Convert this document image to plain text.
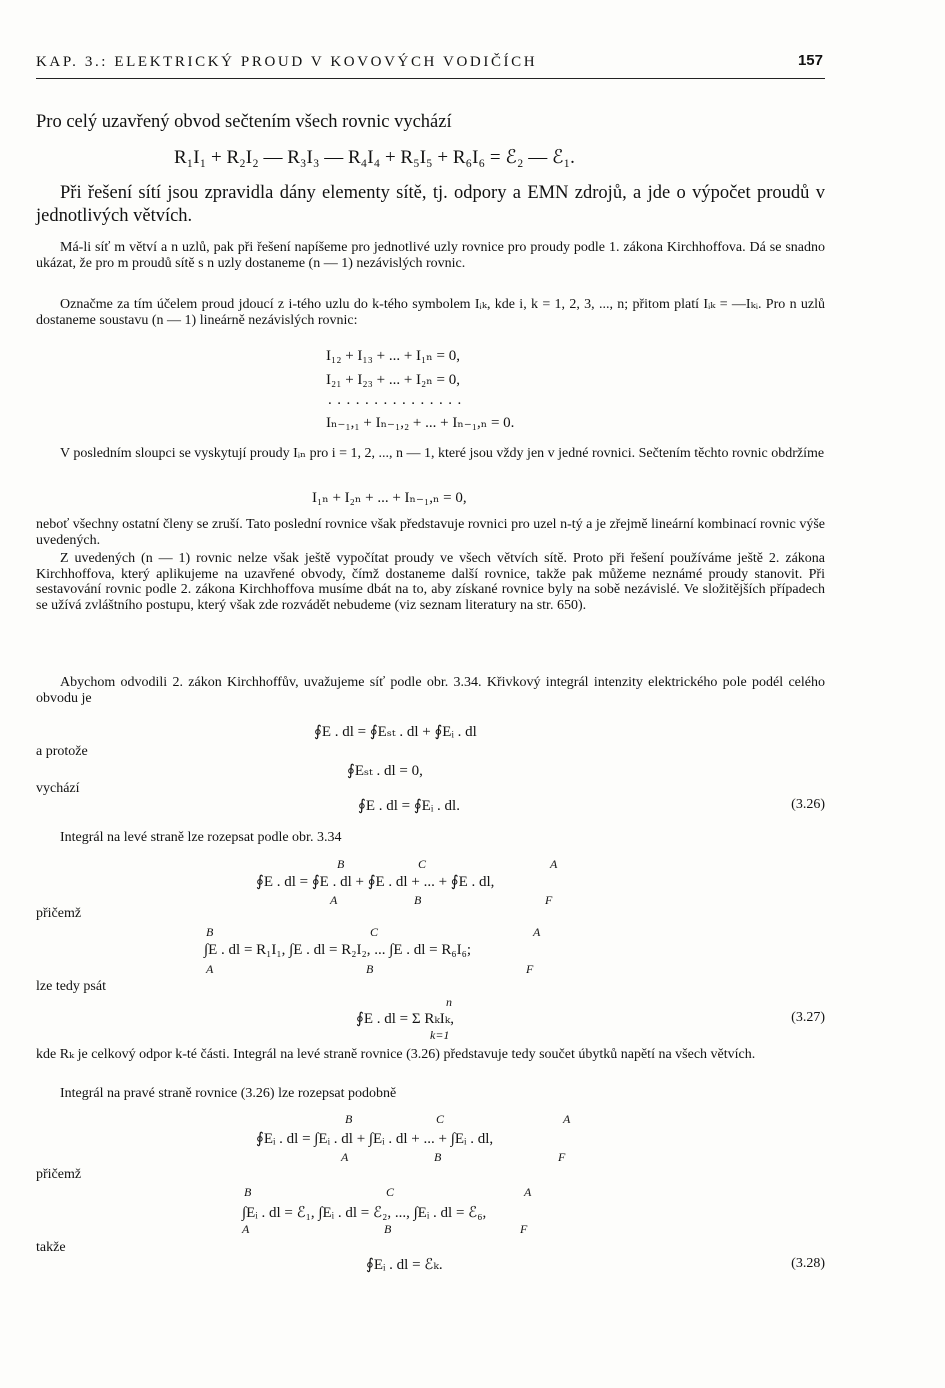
KAP. 3.: ELEKTRICKÝ PROUD V KOVOVÝCH VODIČÍCH	157
Pro celý uzavřený obvod sečtením všech rovnic vychází
R₁I₁ + R₂I₂ — R₃I₃ — R₄I₄ + R₅I₅ + R₆I₆ = ℰ₂ — ℰ₁.
Při řešení sítí jsou zpravidla dány elementy sítě, tj. odpory a EMN zdrojů, a jde o výpočet proudů v jednotlivých větvích.
Má-li síť m větví a n uzlů, pak při řešení napíšeme pro jednotlivé uzly rovnice pro proudy podle 1. zákona Kirchhoffova. Dá se snadno ukázat, že pro m proudů sítě s n uzly dostaneme (n — 1) nezávislých rovnic.
Označme za tím účelem proud jdoucí z i-tého uzlu do k-tého symbolem Iᵢₖ, kde i, k = 1, 2, 3, ..., n; přitom platí Iᵢₖ = —Iₖᵢ. Pro n uzlů dostaneme soustavu (n — 1) lineárně nezávislých rovnic:
I₁₂ + I₁₃ + ... + I₁ₙ = 0,
I₂₁ + I₂₃ + ... + I₂ₙ = 0,
...............
Iₙ₋₁,₁ + Iₙ₋₁,₂ + ... + Iₙ₋₁,ₙ = 0.
V posledním sloupci se vyskytují proudy Iᵢₙ pro i = 1, 2, ..., n — 1, které jsou vždy jen v jedné rovnici. Sečtením těchto rovnic obdržíme
I₁ₙ + I₂ₙ + ... + Iₙ₋₁,ₙ = 0,
neboť všechny ostatní členy se zruší. Tato poslední rovnice však představuje rovnici pro uzel n-tý a je zřejmě lineární kombinací rovnic výše uvedených.
Z uvedených (n — 1) rovnic nelze však ještě vypočítat proudy ve všech větvích sítě. Proto při řešení používáme ještě 2. zákona Kirchhoffova, který aplikujeme na uzavřené obvody, čímž dostaneme další rovnice, takže pak můžeme neznámé proudy stanovit. Při sestavování rovnic podle 2. zákona Kirchhoffova musíme dbát na to, aby získané rovnice byly na sobě nezávislé. Ve složitějších případech se užívá zvláštního postupu, který však zde rozvádět nebudeme (viz seznam literatury na str. 650).
Abychom odvodili 2. zákon Kirchhoffův, uvažujeme síť podle obr. 3.34. Křivkový integrál intenzity elektrického pole podél celého obvodu je
∮E . dl = ∮Eₛₜ . dl + ∮Eᵢ . dl
a protože
∮Eₛₜ . dl = 0,
vychází
∮E . dl = ∮Eᵢ . dl.	(3.26)
Integrál na levé straně lze rozepsat podle obr. 3.34
B	C	A
∮E . dl = ∮E . dl + ∮E . dl + ... + ∮E . dl,
A	B	F
přičemž
B	C	A
∫E . dl = R₁I₁, ∫E . dl = R₂I₂, ... ∫E . dl = R₆I₆;
A	B	F
lze tedy psát
n
∮E . dl = Σ RₖIₖ,
k=1
(3.27)
kde Rₖ je celkový odpor k-té části. Integrál na levé straně rovnice (3.26) představuje tedy součet úbytků napětí na všech větvích.
Integrál na pravé straně rovnice (3.26) lze rozepsat podobně
B	C	A
∮Eᵢ . dl = ∫Eᵢ . dl + ∫Eᵢ . dl + ... + ∫Eᵢ . dl,
A	B	F
přičemž
B	C	A
∫Eᵢ . dl = ℰ₁, ∫Eᵢ . dl = ℰ₂, ..., ∫Eᵢ . dl = ℰ₆,
A	B	F
takže
∮Eᵢ . dl = ℰₖ.	(3.28)
